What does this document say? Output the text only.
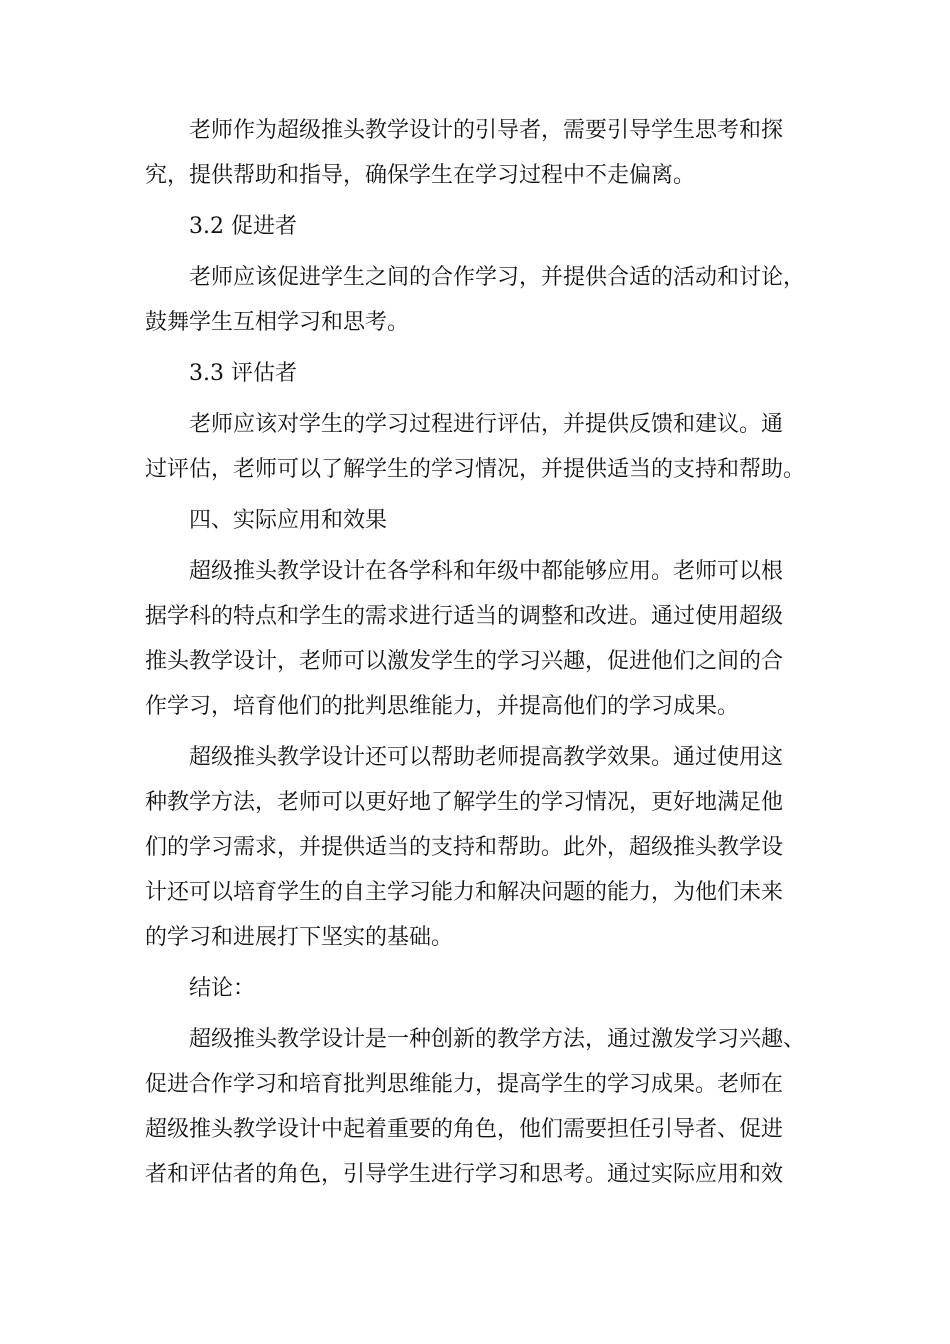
老师作为超级推头教学设计的引导者，需要引导学生思考和探
究，提供帮助和指导，确保学生在学习过程中不走偏离。
3.2 促进者
老师应该促进学生之间的合作学习，并提供合适的活动和讨论，
鼓舞学生互相学习和思考。
3.3 评估者
老师应该对学生的学习过程进行评估，并提供反馈和建议。通
过评估，老师可以了解学生的学习情况，并提供适当的支持和帮助。
四、实际应用和效果
超级推头教学设计在各学科和年级中都能够应用。老师可以根
据学科的特点和学生的需求进行适当的调整和改进。通过使用超级
推头教学设计，老师可以激发学生的学习兴趣，促进他们之间的合
作学习，培育他们的批判思维能力，并提高他们的学习成果。
超级推头教学设计还可以帮助老师提高教学效果。通过使用这
种教学方法，老师可以更好地了解学生的学习情况，更好地满足他
们的学习需求，并提供适当的支持和帮助。此外，超级推头教学设
计还可以培育学生的自主学习能力和解决问题的能力，为他们未来
的学习和进展打下坚实的基础。
结论：
超级推头教学设计是一种创新的教学方法，通过激发学习兴趣、
促进合作学习和培育批判思维能力，提高学生的学习成果。老师在
超级推头教学设计中起着重要的角色，他们需要担任引导者、促进
者和评估者的角色，引导学生进行学习和思考。通过实际应用和效
